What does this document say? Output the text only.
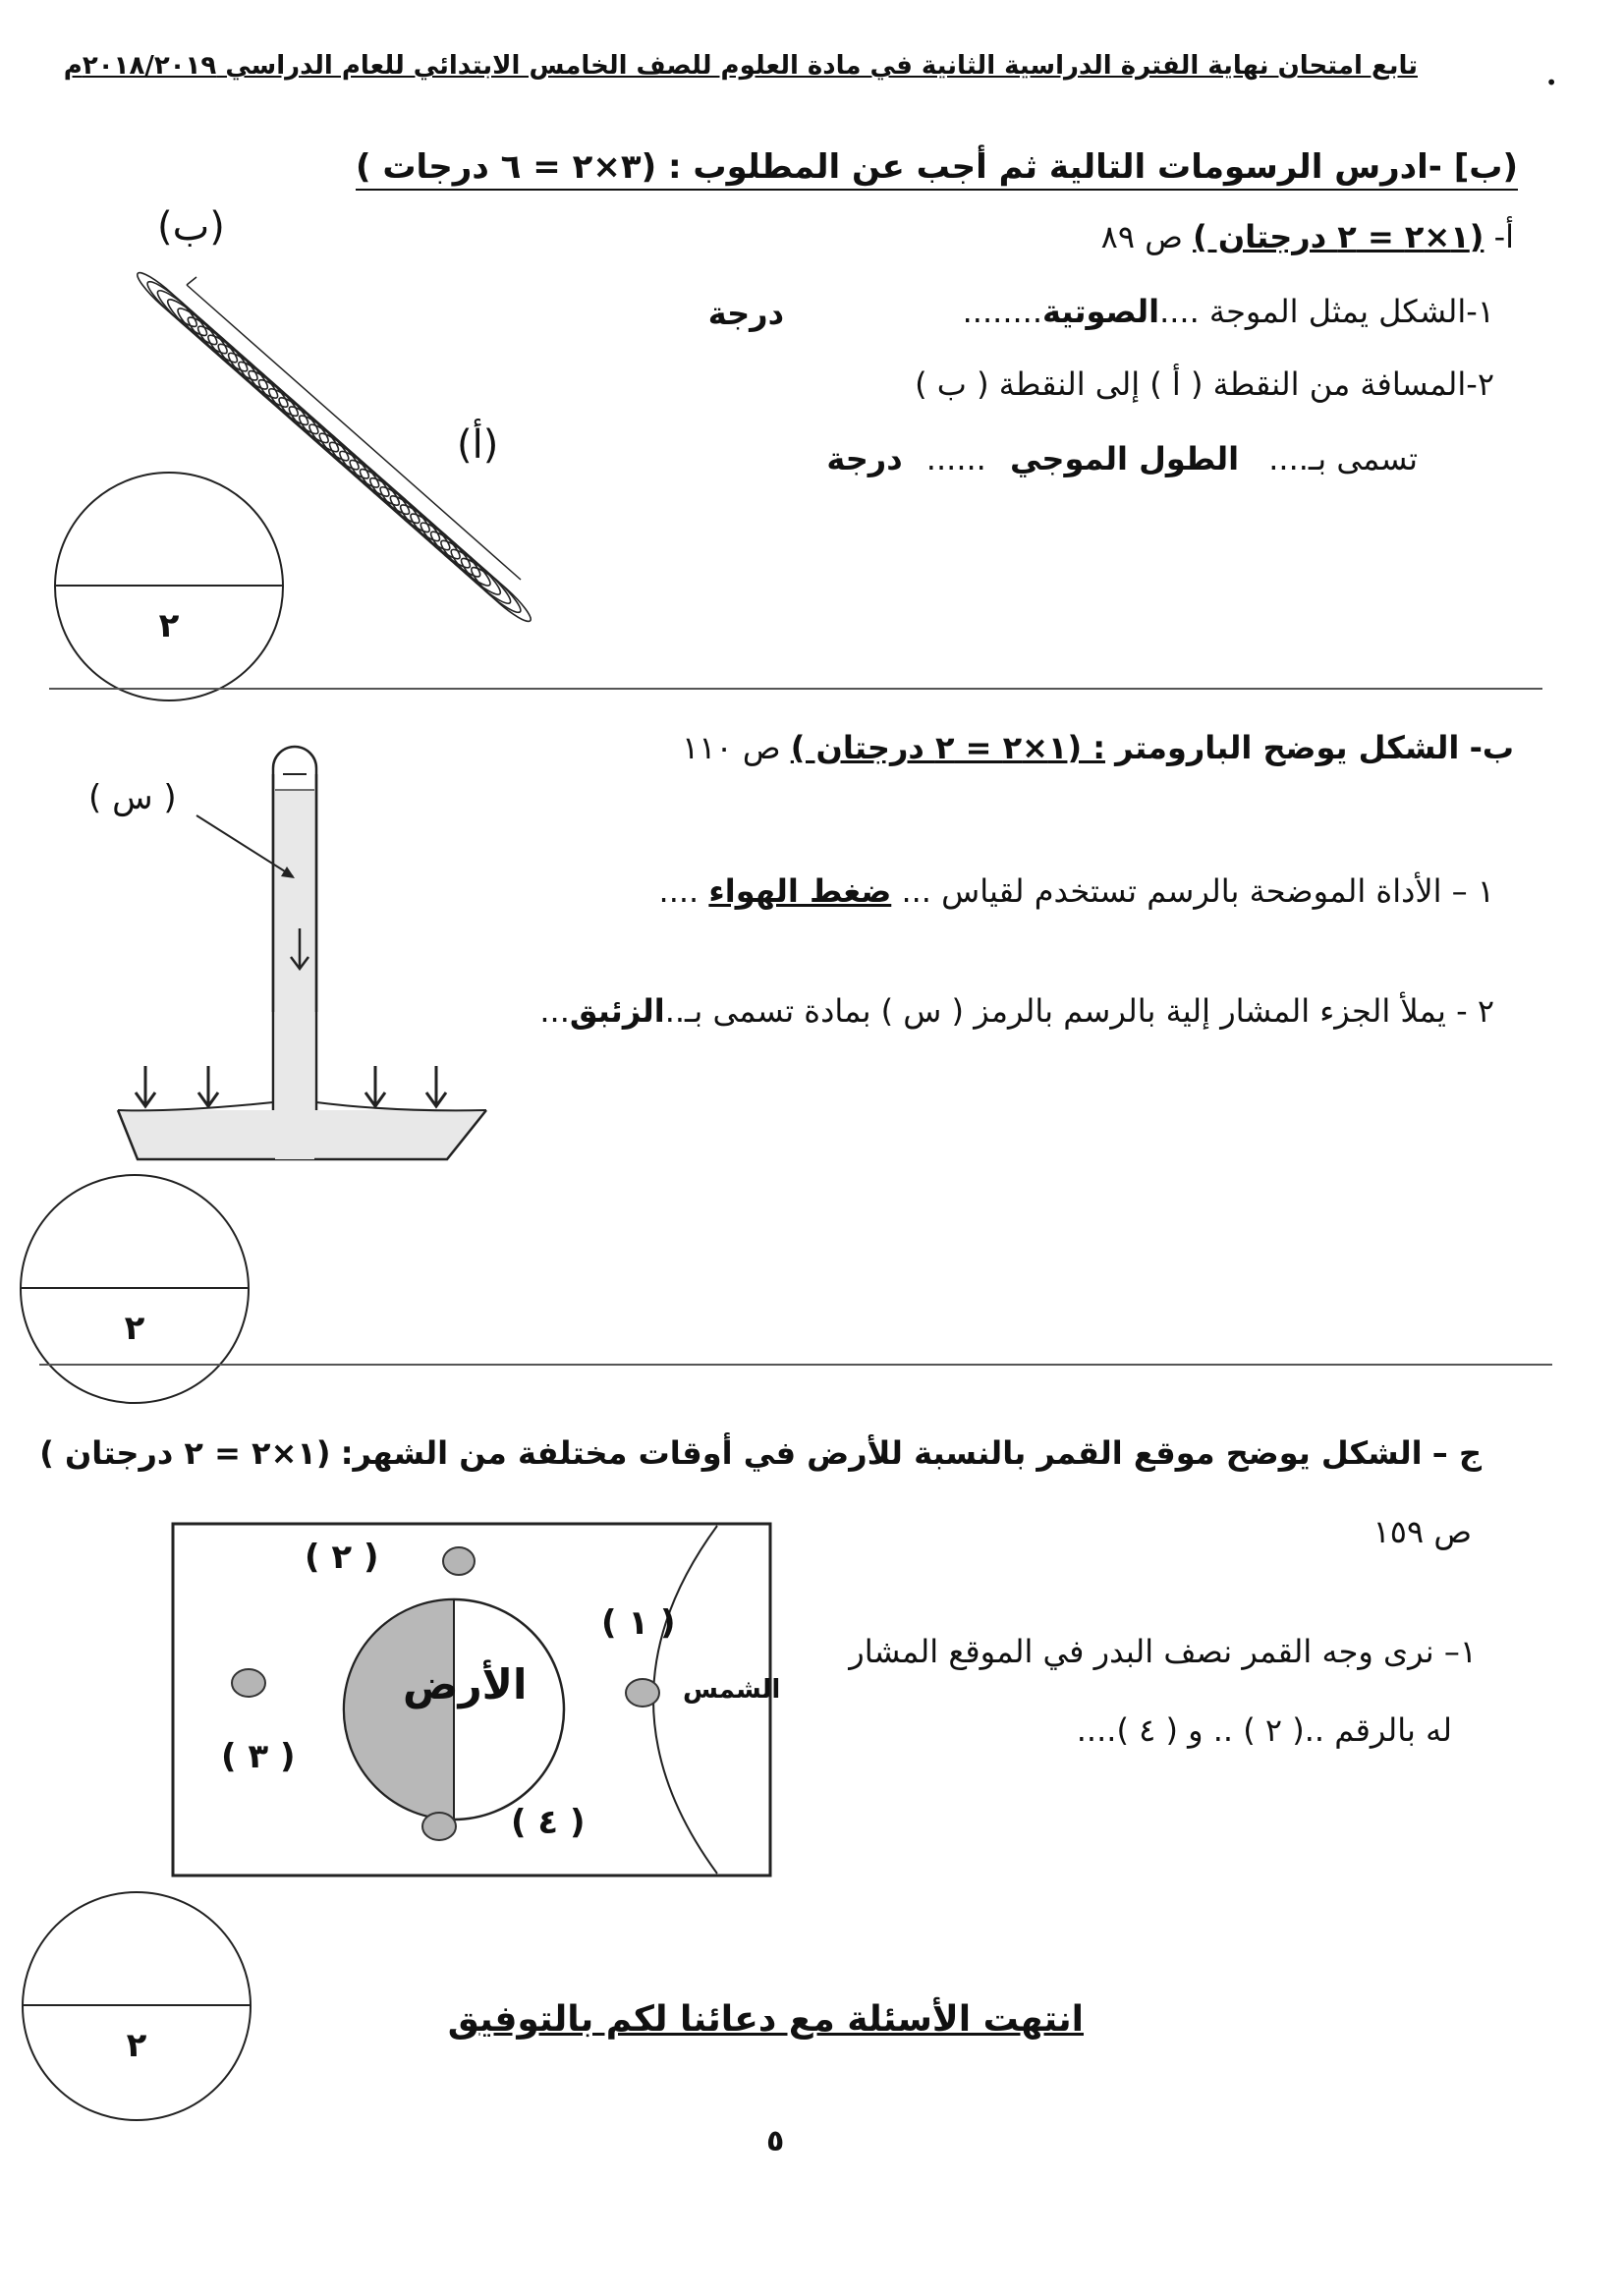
تابع امتحان نهاية الفترة الدراسية الثانية في مادة العلوم للصف الخامس الابتدائي للعام الدراسي ٢٠١٨/٢٠١٩م
•
(ب] -ادرس الرسومات التالية ثم أجب عن المطلوب : (٣×٢ = ٦ درجات )
أ- (١×٢ = ٢ درجتان ) ص ٨٩
١-الشكل يمثل الموجة ....الصوتية........
درجة
٢-المسافة من النقطة ( أ ) إلى النقطة ( ب )
تسمى بـ.... الطول الموجي ...... درجة
(ب)
(أ)
٢
ب- الشكل يوضح البارومتر : (١×٢ = ٢ درجتان ) ص ١١٠
١ – الأداة الموضحة بالرسم تستخدم لقياس ... ضغط الهواء ....
٢ - يملأ الجزء المشار إلية بالرسم بالرمز ( س ) بمادة تسمى بـ..الزئبق...
( س )
٢
ج – الشكل يوضح موقع القمر بالنسبة للأرض في أوقات مختلفة من الشهر: (١×٢ = ٢ درجتان )
ص ١٥٩
١– نرى وجه القمر نصف البدر في الموقع المشار
له بالرقم ..( ٢ ) .. و ( ٤ )....
الأرض	الشمس
( ٢ )
( ١ )
( ٣ )
( ٤ )
٢
انتهت الأسئلة مع دعائنا لكم بالتوفيق
٥
